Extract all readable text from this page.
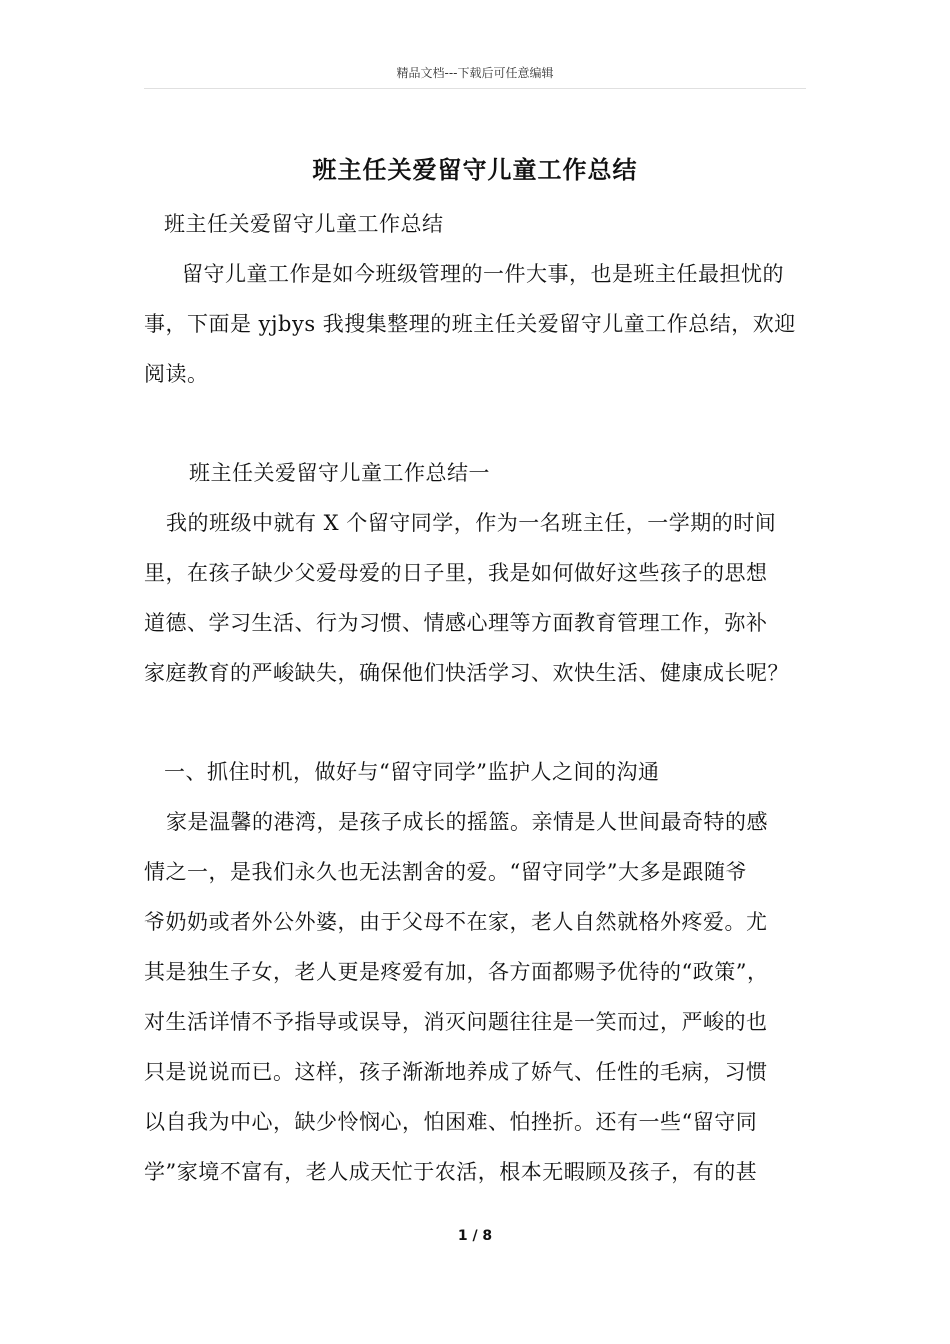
精品文档---下载后可任意编辑
班主任关爱留守儿童工作总结
班主任关爱留守儿童工作总结
留守儿童工作是如今班级管理的一件大事，也是班主任最担忧的
事，下面是 yjbys 我搜集整理的班主任关爱留守儿童工作总结，欢迎
阅读。
班主任关爱留守儿童工作总结一
我的班级中就有 X 个留守同学，作为一名班主任，一学期的时间
里，在孩子缺少父爱母爱的日子里，我是如何做好这些孩子的思想
道德、学习生活、行为习惯、情感心理等方面教育管理工作，弥补
家庭教育的严峻缺失，确保他们快活学习、欢快生活、健康成长呢？
一、抓住时机，做好与“留守同学”监护人之间的沟通
家是温馨的港湾，是孩子成长的摇篮。亲情是人世间最奇特的感
情之一，是我们永久也无法割舍的爱。“留守同学”大多是跟随爷
爷奶奶或者外公外婆，由于父母不在家，老人自然就格外疼爱。尤
其是独生子女，老人更是疼爱有加，各方面都赐予优待的“政策”，
对生活详情不予指导或误导，消灭问题往往是一笑而过，严峻的也
只是说说而已。这样，孩子渐渐地养成了娇气、任性的毛病，习惯
以自我为中心，缺少怜悯心，怕困难、怕挫折。还有一些“留守同
学”家境不富有，老人成天忙于农活，根本无暇顾及孩子，有的甚
1 / 8
